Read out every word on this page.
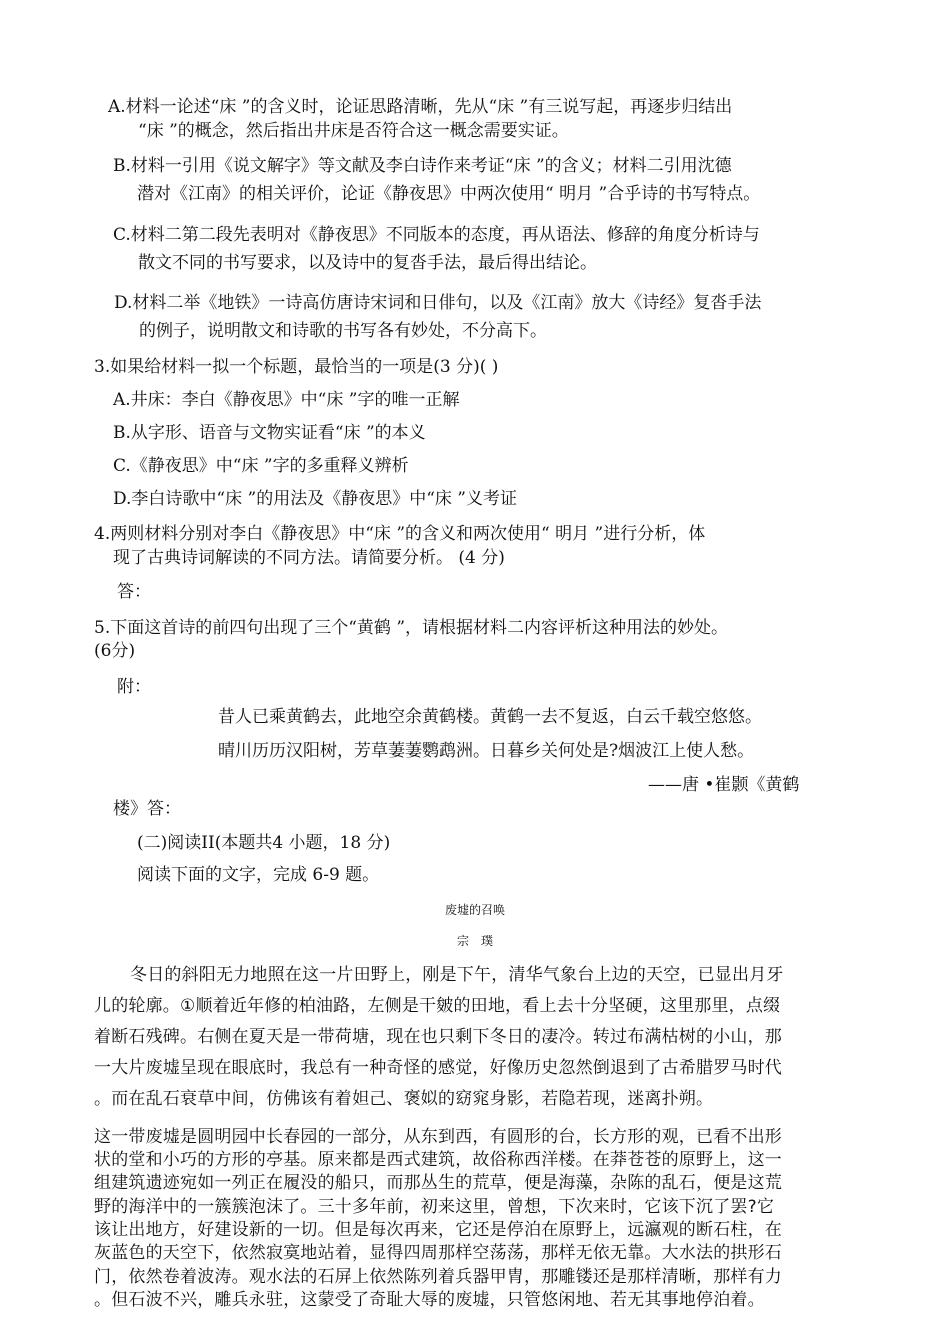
A.材料一论述“床 ”的含义时，论证思路清晰，先从“床 ”有三说写起，再逐步归结出
“床 ”的概念，然后指出井床是否符合这一概念需要实证。
B.材料一引用《说文解字》等文献及李白诗作来考证“床 ”的含义；材料二引用沈德
潜对《江南》的相关评价，论证《静夜思》中两次使用“ 明月 ”合乎诗的书写特点。
C.材料二第二段先表明对《静夜思》不同版本的态度，再从语法、修辞的角度分析诗与
散文不同的书写要求，以及诗中的复沓手法，最后得出结论。
D.材料二举《地铁》一诗高仿唐诗宋词和日俳句，以及《江南》放大《诗经》复沓手法
的例子，说明散文和诗歌的书写各有妙处，不分高下。
3.如果给材料一拟一个标题，最恰当的一项是(3 分)( )
A.井床：李白《静夜思》中“床 ”字的唯一正解
B.从字形、语音与文物实证看“床 ”的本义
C.《静夜思》中“床 ”字的多重释义辨析
D.李白诗歌中“床 ”的用法及《静夜思》中“床 ”义考证
4.两则材料分别对李白《静夜思》中“床 ”的含义和两次使用“ 明月 ”进行分析，体
现了古典诗词解读的不同方法。请简要分析。 (4 分)
答：
5.下面这首诗的前四句出现了三个“黄鹤 ”，请根据材料二内容评析这种用法的妙处。
(6分)
附：
昔人已乘黄鹤去，此地空余黄鹤楼。黄鹤一去不复返，白云千载空悠悠。
晴川历历汉阳树，芳草萋萋鹦鹉洲。日暮乡关何处是?烟波江上使人愁。
——唐 •崔颢《黄鹤
楼》答：
(二)阅读II(本题共4 小题，18 分)
阅读下面的文字，完成 6-9 题。
废墟的召唤
宗　璞
冬日的斜阳无力地照在这一片田野上，刚是下午，清华气象台上边的天空，已显出月牙
儿的轮廓。①顺着近年修的柏油路，左侧是干皴的田地，看上去十分坚硬，这里那里，点缀
着断石残碑。右侧在夏天是一带荷塘，现在也只剩下冬日的凄冷。转过布满枯树的小山，那
一大片废墟呈现在眼底时，我总有一种奇怪的感觉，好像历史忽然倒退到了古希腊罗马时代
。而在乱石衰草中间，仿佛该有着妲己、褒姒的窈窕身影，若隐若现，迷离扑朔。
这一带废墟是圆明园中长春园的一部分，从东到西，有圆形的台，长方形的观，已看不出形
状的堂和小巧的方形的亭基。原来都是西式建筑，故俗称西洋楼。在莽苍苍的原野上，这一
组建筑遗迹宛如一列正在履没的船只，而那丛生的荒草，便是海藻，杂陈的乱石，便是这荒
野的海洋中的一簇簇泡沫了。三十多年前，初来这里，曾想，下次来时，它该下沉了罢?它
该让出地方，好建设新的一切。但是每次再来，它还是停泊在原野上，远瀛观的断石柱，在
灰蓝色的天空下，依然寂寞地站着，显得四周那样空荡荡，那样无依无靠。大水法的拱形石
门，依然卷着波涛。观水法的石屏上依然陈列着兵器甲胄，那雕镂还是那样清晰，那样有力
。但石波不兴，雕兵永驻，这蒙受了奇耻大辱的废墟，只管悠闲地、若无其事地停泊着。
